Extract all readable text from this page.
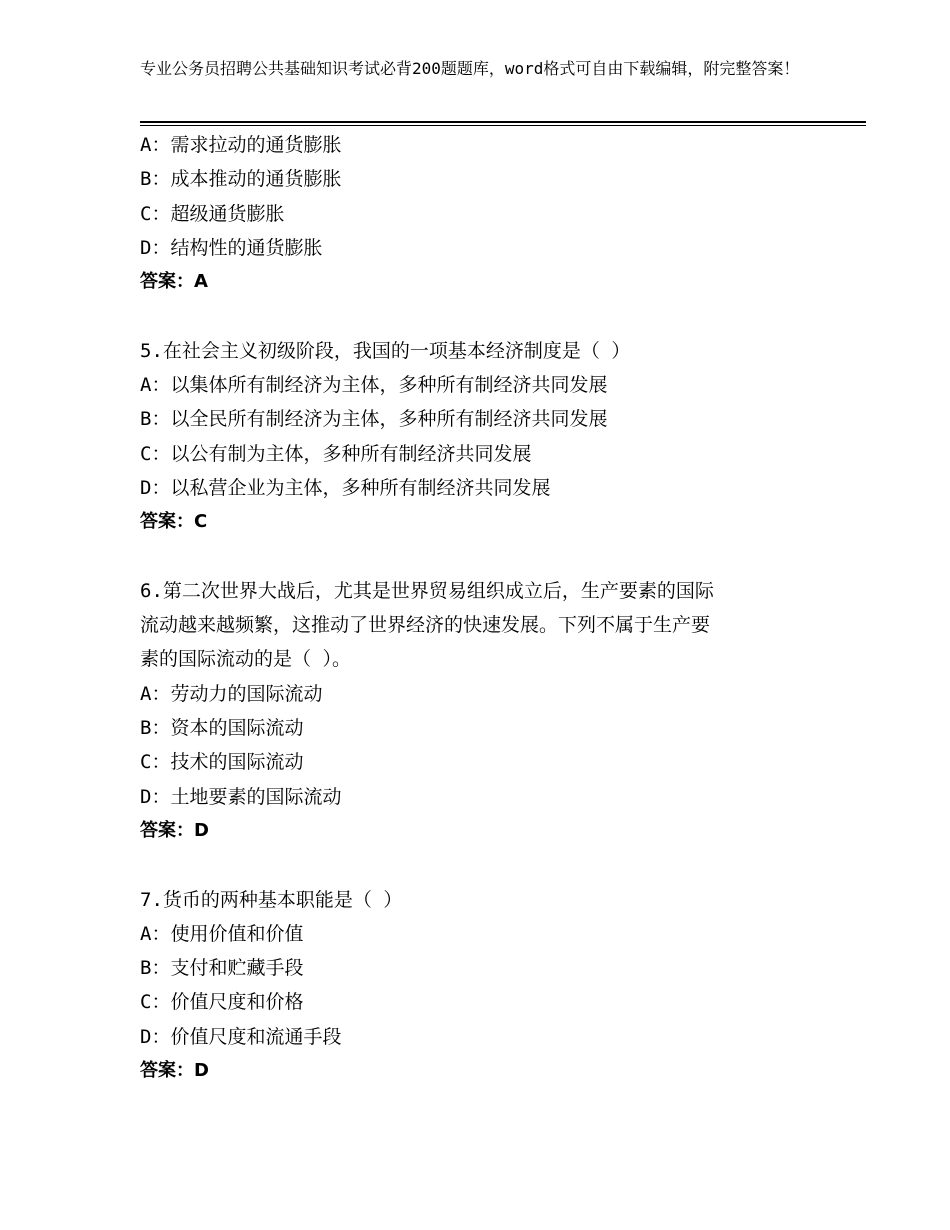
专业公务员招聘公共基础知识考试必背200题题库，word格式可自由下载编辑，附完整答案！
A：需求拉动的通货膨胀
B：成本推动的通货膨胀
C：超级通货膨胀
D：结构性的通货膨胀
答案：A
5.在社会主义初级阶段，我国的一项基本经济制度是（ ）
A：以集体所有制经济为主体，多种所有制经济共同发展
B：以全民所有制经济为主体，多种所有制经济共同发展
C：以公有制为主体，多种所有制经济共同发展
D：以私营企业为主体，多种所有制经济共同发展
答案：C
6.第二次世界大战后，尤其是世界贸易组织成立后，生产要素的国际
流动越来越频繁，这推动了世界经济的快速发展。下列不属于生产要
素的国际流动的是（ ）。
A：劳动力的国际流动
B：资本的国际流动
C：技术的国际流动
D：土地要素的国际流动
答案：D
7.货币的两种基本职能是（ ）
A：使用价值和价值
B：支付和贮藏手段
C：价值尺度和价格
D：价值尺度和流通手段
答案：D
